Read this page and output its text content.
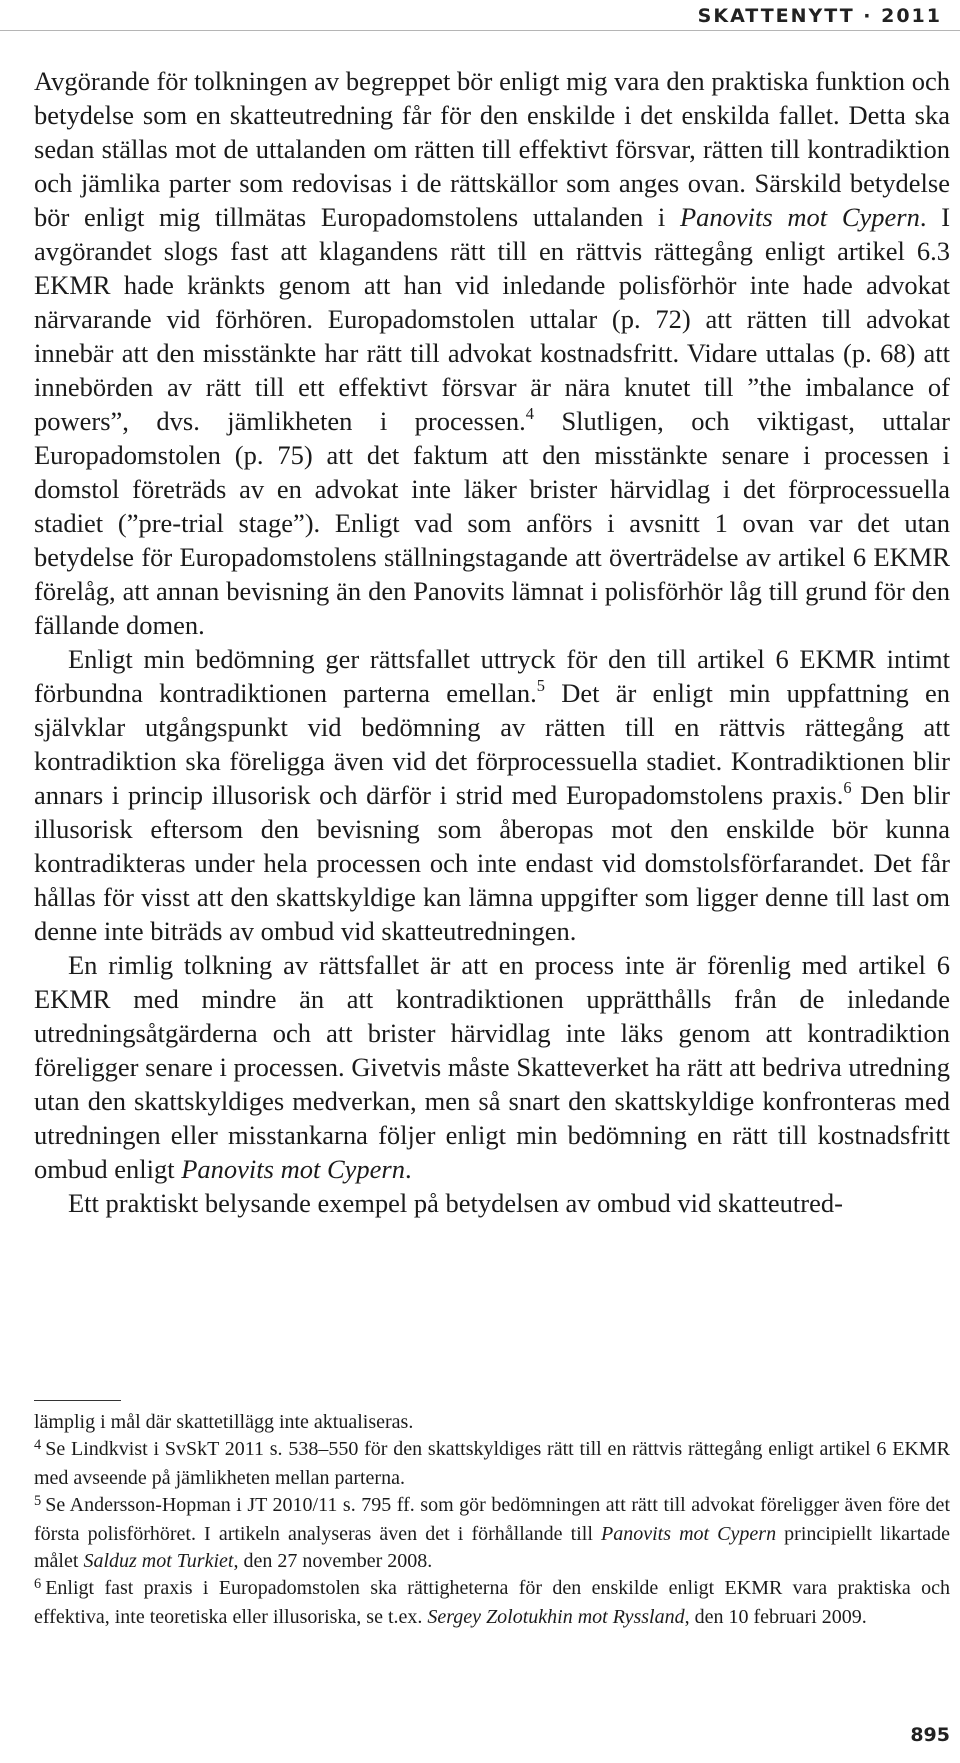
SKATTENYTT · 2011

Avgörande för tolkningen av begreppet bör enligt mig vara den praktiska funktion och betydelse som en skatteutredning får för den enskilde i det enskilda fallet. Detta ska sedan ställas mot de uttalanden om rätten till effektivt försvar, rätten till kontradiktion och jämlika parter som redovisas i de rättskällor som anges ovan. Särskild betydelse bör enligt mig tillmätas Europadomstolens uttalanden i Panovits mot Cypern. I avgörandet slogs fast att klagandens rätt till en rättvis rättegång enligt artikel 6.3 EKMR hade kränkts genom att han vid inledande polisförhör inte hade advokat närvarande vid förhören. Europadomstolen uttalar (p. 72) att rätten till advokat innebär att den misstänkte har rätt till advokat kostnadsfritt. Vidare uttalas (p. 68) att innebörden av rätt till ett effektivt försvar är nära knutet till ”the imbalance of powers”, dvs. jämlikheten i processen.$^4$ Slutligen, och viktigast, uttalar Europadomstolen (p. 75) att det faktum att den misstänkte senare i processen i domstol företräds av en advokat inte läker brister härvidlag i det förprocessuella stadiet (”pre-trial stage”). Enligt vad som anförs i avsnitt 1 ovan var det utan betydelse för Europadomstolens ställningstagande att överträdelse av artikel 6 EKMR förelåg, att annan bevisning än den Panovits lämnat i polisförhör låg till grund för den fällande domen.

Enligt min bedömning ger rättsfallet uttryck för den till artikel 6 EKMR intimt förbundna kontradiktionen parterna emellan.$^5$ Det är enligt min uppfattning en självklar utgångspunkt vid bedömning av rätten till en rättvis rättegång att kontradiktion ska föreligga även vid det förprocessuella stadiet. Kontradiktionen blir annars i princip illusorisk och därför i strid med Europadomstolens praxis.$^6$ Den blir illusorisk eftersom den bevisning som åberopas mot den enskilde bör kunna kontradikteras under hela processen och inte endast vid domstolsförfarandet. Det får hållas för visst att den skattskyldige kan lämna uppgifter som ligger denne till last om denne inte biträds av ombud vid skatteutredningen.

En rimlig tolkning av rättsfallet är att en process inte är förenlig med artikel 6 EKMR med mindre än att kontradiktionen upprätthålls från de inledande utredningsåtgärderna och att brister härvidlag inte läks genom att kontradiktion föreligger senare i processen. Givetvis måste Skatteverket ha rätt att bedriva utredning utan den skattskyldiges medverkan, men så snart den skattskyldige konfronteras med utredningen eller misstankarna följer enligt min bedömning en rätt till kostnadsfritt ombud enligt Panovits mot Cypern.

Ett praktiskt belysande exempel på betydelsen av ombud vid skatteutred-

lämplig i mål där skattetillägg inte aktualiseras.

$^4$ Se Lindkvist i SvSkT 2011 s. 538–550 för den skattskyldiges rätt till en rättvis rättegång enligt artikel 6 EKMR med avseende på jämlikheten mellan parterna.

$^5$ Se Andersson-Hopman i JT 2010/11 s. 795 ff. som gör bedömningen att rätt till advokat föreligger även före det första polisförhöret. I artikeln analyseras även det i förhållande till Panovits mot Cypern principiellt likartade målet Salduz mot Turkiet, den 27 november 2008.

$^6$ Enligt fast praxis i Europadomstolen ska rättigheterna för den enskilde enligt EKMR vara praktiska och effektiva, inte teoretiska eller illusoriska, se t.ex. Sergey Zolotukhin mot Ryssland, den 10 februari 2009.

895
